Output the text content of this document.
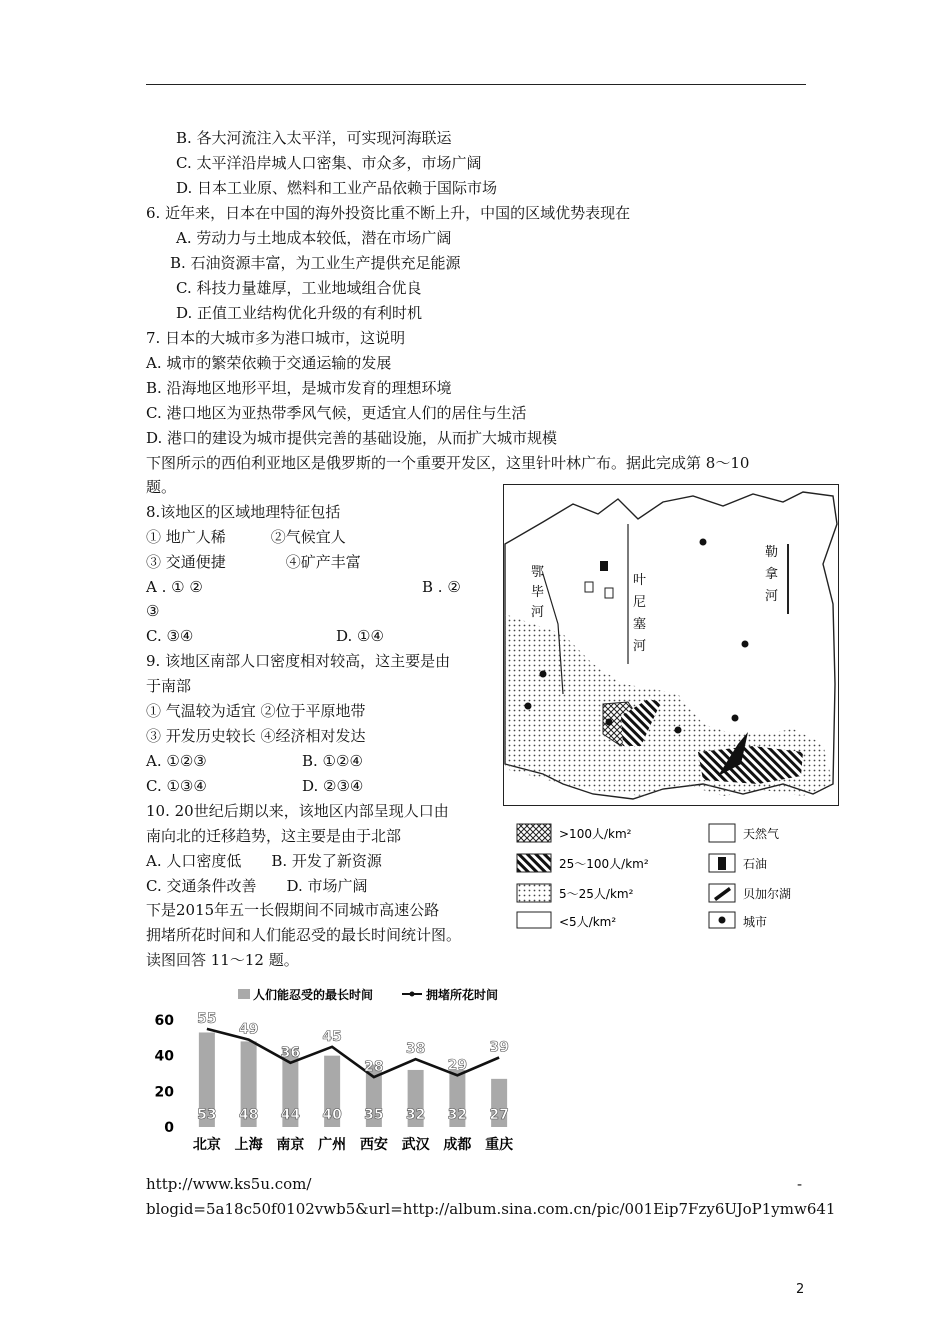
B. 各大河流注入太平洋，可实现河海联运
C. 太平洋沿岸城人口密集、市众多，市场广阔
D. 日本工业原、燃料和工业产品依赖于国际市场
6. 近年来，日本在中国的海外投资比重不断上升，中国的区域优势表现在
A. 劳动力与土地成本较低，潜在市场广阔
B. 石油资源丰富，为工业生产提供充足能源
C. 科技力量雄厚，工业地域组合优良
D. 正值工业结构优化升级的有利时机
7. 日本的大城市多为港口城市，这说明
A. 城市的繁荣依赖于交通运输的发展
B. 沿海地区地形平坦，是城市发育的理想环境
C. 港口地区为亚热带季风气候，更适宜人们的居住与生活
D. 港口的建设为城市提供完善的基础设施，从而扩大城市规模
下图所示的西伯利亚地区是俄罗斯的一个重要开发区，这里针叶林广布。据此完成第 8～10
题。
8.该地区的区域地理特征包括
① 地广人稀　　　②气候宜人
③ 交通便捷　　　　④矿产丰富
A . ① ②	B . ②
③
C. ③④	D. ①④
9. 该地区南部人口密度相对较高，这主要是由
于南部
① 气温较为适宜 ②位于平原地带
③ 开发历史较长 ④经济相对发达
A. ①②③	B. ①②④
C. ①③④	D. ②③④
10. 20世纪后期以来，该地区内部呈现人口由
南向北的迁移趋势，这主要是由于北部
A. 人口密度低　　B. 开发了新资源
C. 交通条件改善　　D. 市场广阔
下是2015年五一长假期间不同城市高速公路
拥堵所花时间和人们能忍受的最长时间统计图。
读图回答 11～12 题。
http://www.ks5u.com/	-
blogid=5a18c50f0102vwb5&url=http://album.sina.com.cn/pic/001Eip7Fzy6UJoP1ymw641
2
鄂
毕
河
叶
尼
塞
河
勒
拿
河
>100人/km²
25～100人/km²
5～25人/km²
<5人/km²
天然气
石油
贝加尔湖
城市
人们能忍受的最长时间	拥堵所花时间
0
20
40
60
53 48 44 40 35 32 32 27
55
49
36
45
28
38
29
39
北京 上海 南京 广州 西安 武汉 成都 重庆
